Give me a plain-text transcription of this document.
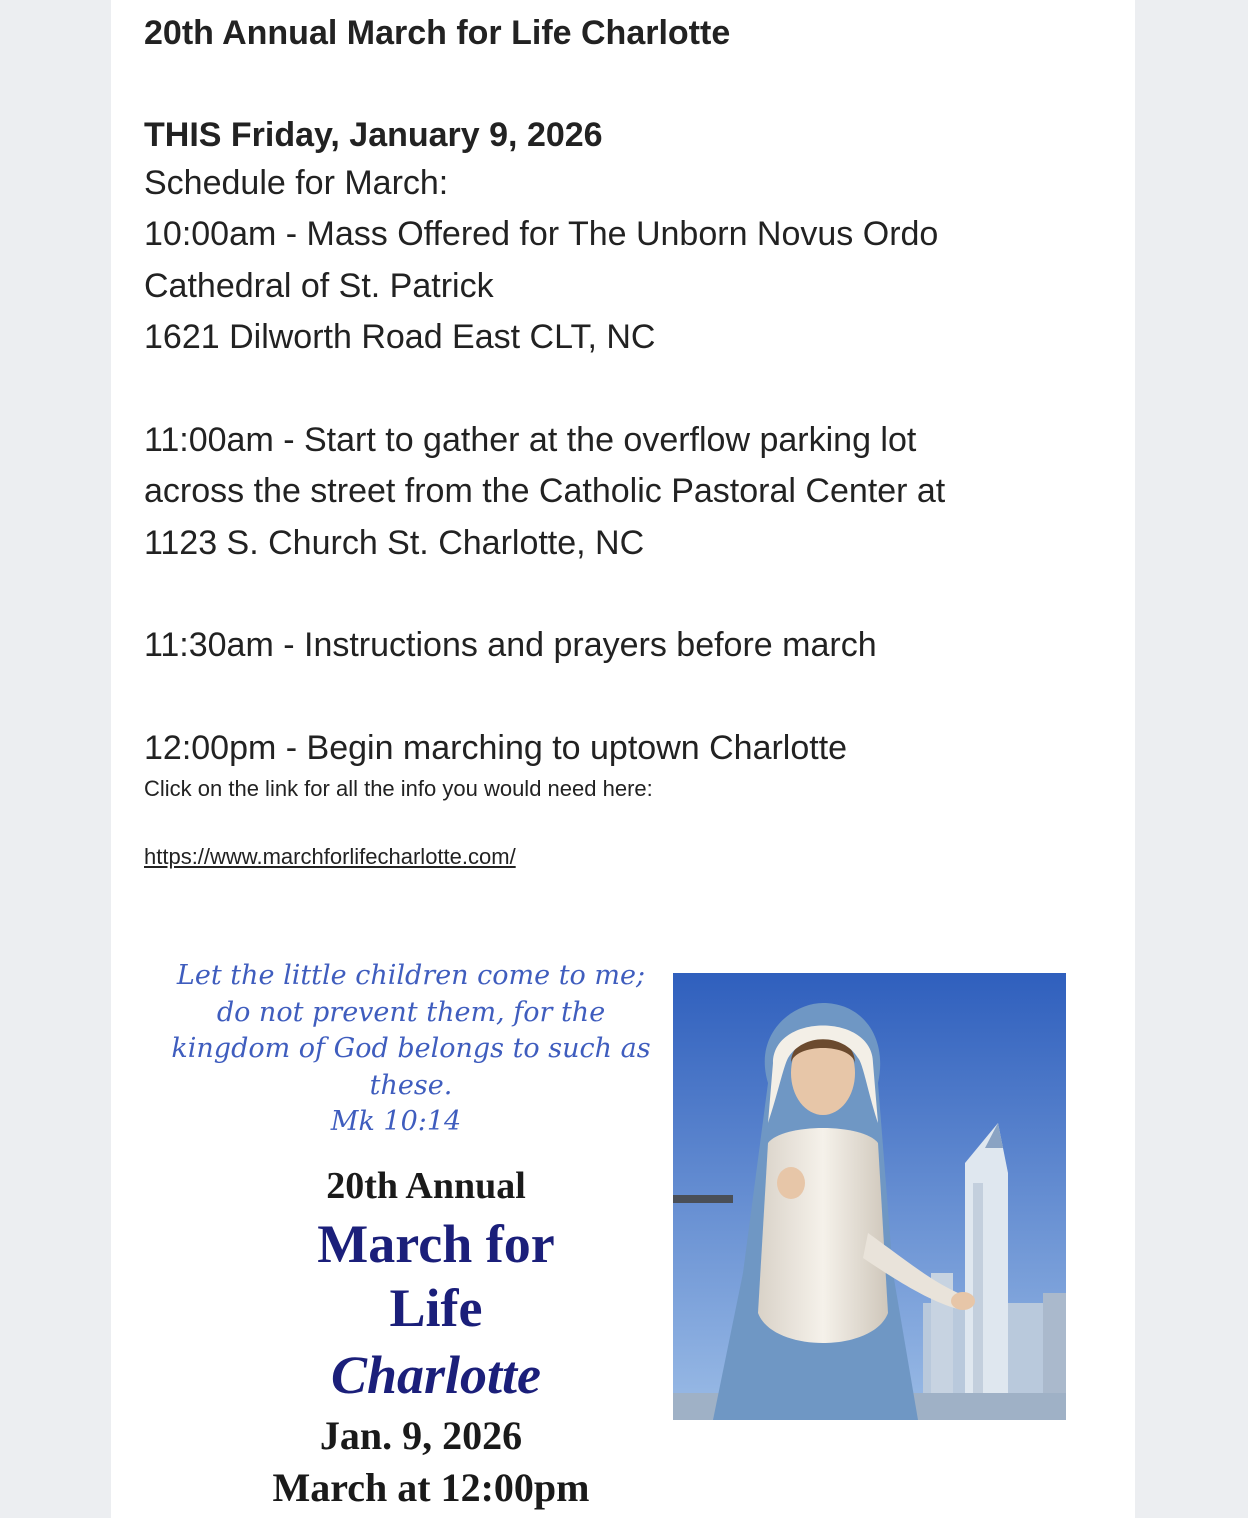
20th Annual March for Life Charlotte

THIS Friday, January 9, 2026

Schedule for March:

10:00am - Mass Offered for The Unborn Novus Ordo

Cathedral of St. Patrick

1621 Dilworth Road East CLT, NC

11:00am - Start to gather at the overflow parking lot

across the street from the Catholic Pastoral Center at

1123 S. Church St. Charlotte, NC

11:30am - Instructions and prayers before march

12:00pm - Begin marching to uptown Charlotte

Click on the link for all the info you would need here:

https://www.marchforlifecharlotte.com/
Let the little children come to me;
do not prevent them, for the
kingdom of God belongs to such as
these.
Mk 10:14
20th Annual
March for
Life
Charlotte
Jan. 9, 2026
March at 12:00pm
